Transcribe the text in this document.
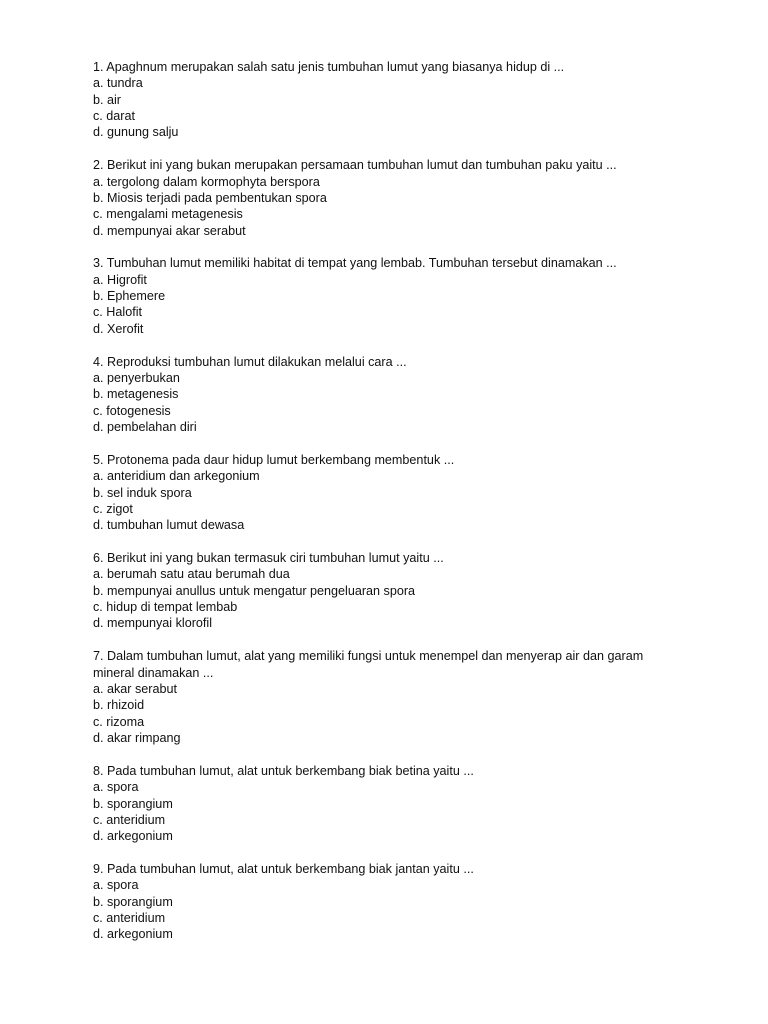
1. Apaghnum merupakan salah satu jenis tumbuhan lumut yang biasanya hidup di ...
a. tundra
b. air
c. darat
d. gunung salju
2. Berikut ini yang bukan merupakan persamaan tumbuhan lumut dan tumbuhan paku yaitu ...
a. tergolong dalam kormophyta berspora
b. Miosis terjadi pada pembentukan spora
c. mengalami metagenesis
d. mempunyai akar serabut
3. Tumbuhan lumut memiliki habitat di tempat yang lembab. Tumbuhan tersebut dinamakan ...
a. Higrofit
b. Ephemere
c. Halofit
d. Xerofit
4. Reproduksi tumbuhan lumut dilakukan melalui cara ...
a. penyerbukan
b. metagenesis
c. fotogenesis
d. pembelahan diri
5. Protonema pada daur hidup lumut berkembang membentuk ...
a. anteridium dan arkegonium
b. sel induk spora
c. zigot
d. tumbuhan lumut dewasa
6. Berikut ini yang bukan termasuk ciri tumbuhan lumut yaitu ...
a. berumah satu atau berumah dua
b. mempunyai anullus untuk mengatur pengeluaran spora
c. hidup di tempat lembab
d. mempunyai klorofil
7. Dalam tumbuhan lumut, alat yang memiliki fungsi untuk menempel dan menyerap air dan garam
mineral dinamakan ...
a. akar serabut
b. rhizoid
c. rizoma
d. akar rimpang
8. Pada tumbuhan lumut, alat untuk berkembang biak betina yaitu ...
a. spora
b. sporangium
c. anteridium
d. arkegonium
9. Pada tumbuhan lumut, alat untuk berkembang biak jantan yaitu ...
a. spora
b. sporangium
c. anteridium
d. arkegonium
